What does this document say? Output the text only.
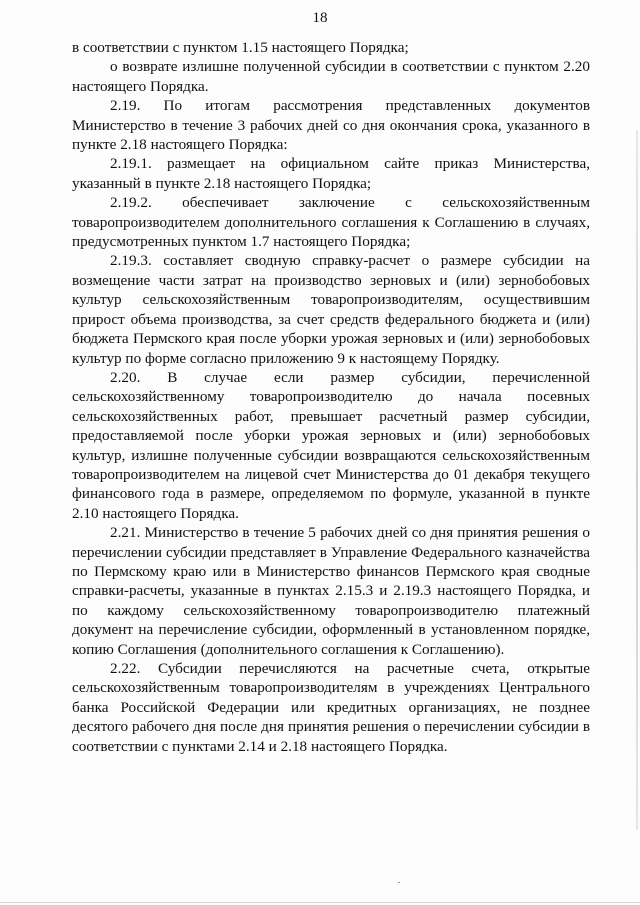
18

в соответствии с пунктом 1.15 настоящего Порядка;

о возврате излишне полученной субсидии в соответствии с пунктом 2.20 настоящего Порядка.

2.19. По итогам рассмотрения представленных документов Министерство в течение 3 рабочих дней со дня окончания срока, указанного в пункте 2.18 настоящего Порядка:

2.19.1. размещает на официальном сайте приказ Министерства, указанный в пункте 2.18 настоящего Порядка;

2.19.2. обеспечивает заключение с сельскохозяйственным товаропроизводителем дополнительного соглашения к Соглашению в случаях, предусмотренных пунктом 1.7 настоящего Порядка;

2.19.3. составляет сводную справку-расчет о размере субсидии на возмещение части затрат на производство зерновых и (или) зернобобовых культур сельскохозяйственным товаропроизводителям, осуществившим прирост объема производства, за счет средств федерального бюджета и (или) бюджета Пермского края после уборки урожая зерновых и (или) зернобобовых культур по форме согласно приложению 9 к настоящему Порядку.

2.20. В случае если размер субсидии, перечисленной сельскохозяйственному товаропроизводителю до начала посевных сельскохозяйственных работ, превышает расчетный размер субсидии, предоставляемой после уборки урожая зерновых и (или) зернобобовых культур, излишне полученные субсидии возвращаются сельскохозяйственным товаропроизводителем на лицевой счет Министерства до 01 декабря текущего финансового года в размере, определяемом по формуле, указанной в пункте 2.10 настоящего Порядка.

2.21. Министерство в течение 5 рабочих дней со дня принятия решения о перечислении субсидии представляет в Управление Федерального казначейства по Пермскому краю или в Министерство финансов Пермского края сводные справки-расчеты, указанные в пунктах 2.15.3 и 2.19.3 настоящего Порядка, и по каждому сельскохозяйственному товаропроизводителю платежный документ на перечисление субсидии, оформленный в установленном порядке, копию Соглашения (дополнительного соглашения к Соглашению).

2.22. Субсидии перечисляются на расчетные счета, открытые сельскохозяйственным товаропроизводителям в учреждениях Центрального банка Российской Федерации или кредитных организациях, не позднее десятого рабочего дня после дня принятия решения о перечислении субсидии в соответствии с пунктами 2.14 и 2.18 настоящего Порядка.
